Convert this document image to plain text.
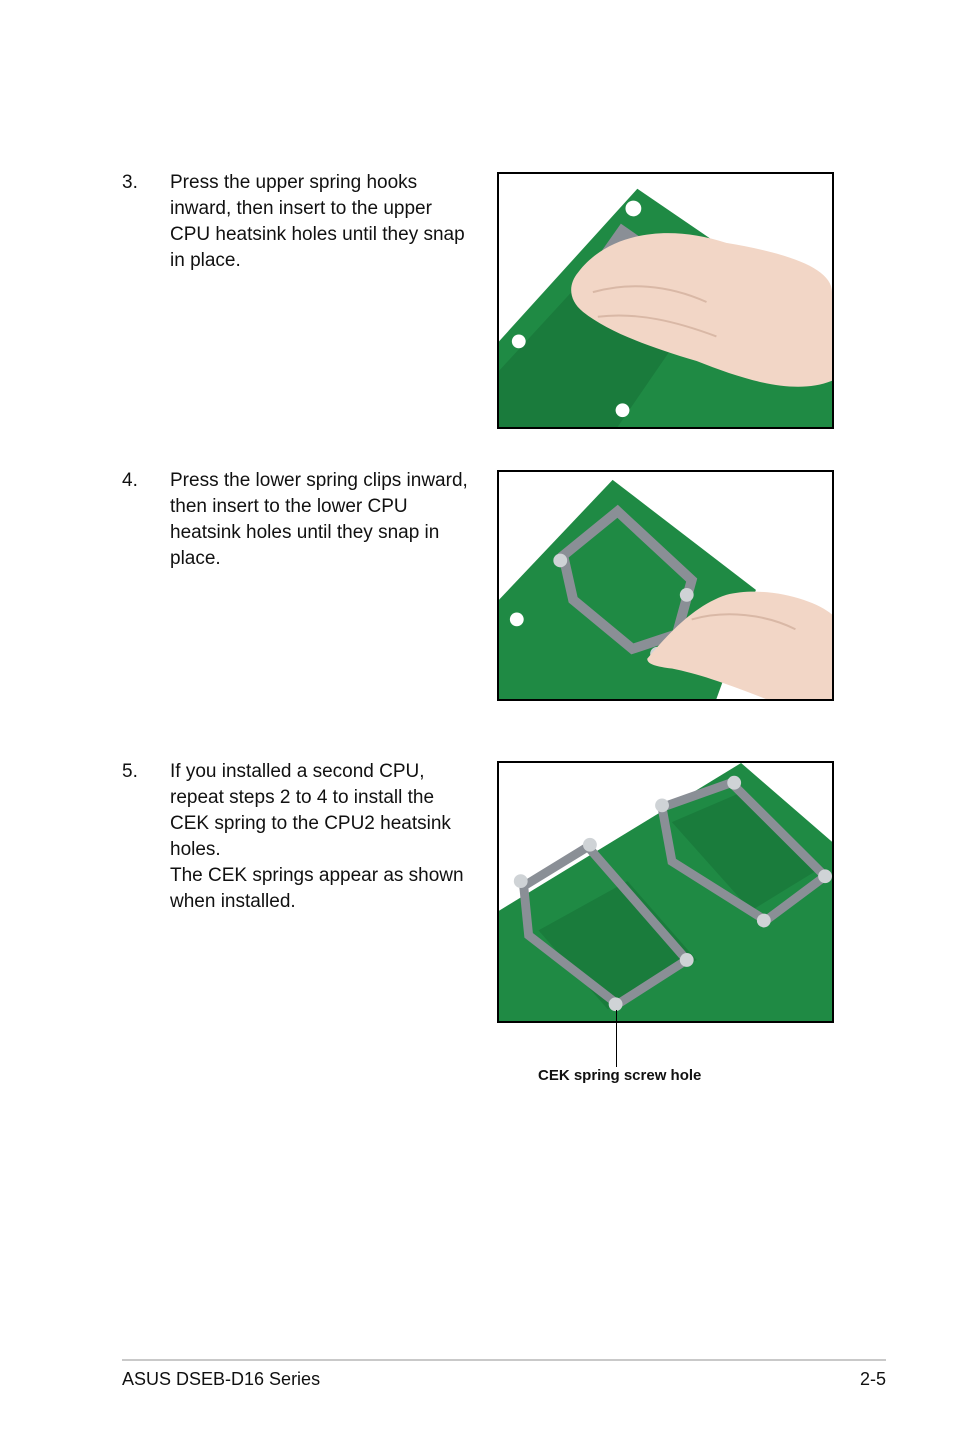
3. Press the upper spring hooks
inward, then insert to the upper
CPU heatsink holes until they snap
in place.
4. Press the lower spring clips inward,
then insert to the lower CPU
heatsink holes until they snap in
place.
5. If you installed a second CPU,
repeat steps 2 to 4 to install the
CEK spring to the CPU2 heatsink
holes.
The CEK springs appear as shown
when installed.
CEK spring screw hole
ASUS DSEB-D16 Series	2-5
